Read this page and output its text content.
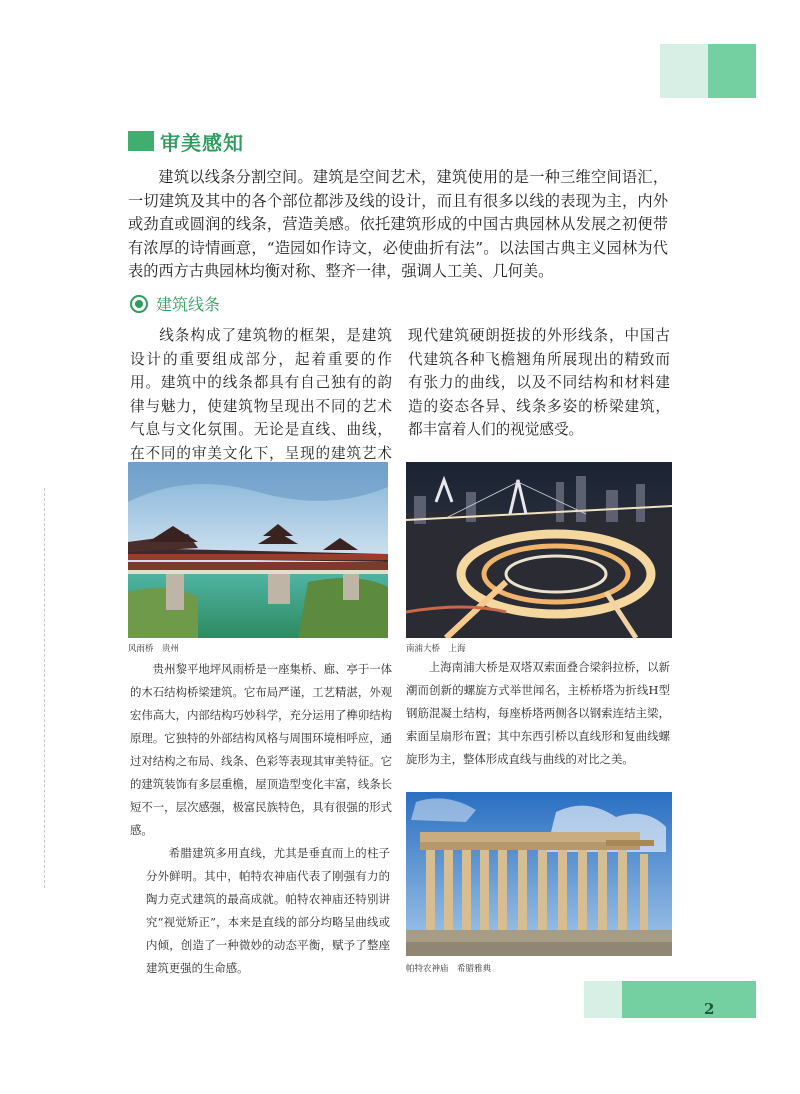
审美感知

建筑以线条分割空间。建筑是空间艺术，建筑使用的是一种三维空间语汇，一切建筑及其中的各个部位都涉及线的设计，而且有很多以线的表现为主，内外或劲直或圆润的线条，营造美感。依托建筑形成的中国古典园林从发展之初便带有浓厚的诗情画意，“造园如作诗文，必使曲折有法”。以法国古典主义园林为代表的西方古典园林均衡对称、整齐一律，强调人工美、几何美。

建筑线条

线条构成了建筑物的框架，是建筑设计的重要组成部分，起着重要的作用。建筑中的线条都具有自己独有的韵律与魅力，使建筑物呈现出不同的艺术气息与文化氛围。无论是直线、曲线，在不同的审美文化下，呈现的建筑艺术

现代建筑硬朗挺拔的外形线条，中国古代建筑各种飞檐翘角所展现出的精致而有张力的曲线，以及不同结构和材料建造的姿态各异、线条多姿的桥梁建筑，都丰富着人们的视觉感受。

风雨桥　贵州

贵州黎平地坪风雨桥是一座集桥、廊、亭于一体的木石结构桥梁建筑。它布局严谨，工艺精湛，外观宏伟高大，内部结构巧妙科学，充分运用了榫卯结构原理。它独特的外部结构风格与周围环境相呼应，通过对结构之布局、线条、色彩等表现其审美特征。它的建筑装饰有多层重檐，屋顶造型变化丰富，线条长短不一，层次感强，极富民族特色，具有很强的形式感。

南浦大桥　上海

上海南浦大桥是双塔双索面叠合梁斜拉桥，以新潮而创新的螺旋方式举世闻名，主桥桥塔为折线H型钢筋混凝土结构，每座桥塔两侧各以钢索连结主梁，索面呈扇形布置；其中东西引桥以直线形和复曲线螺旋形为主，整体形成直线与曲线的对比之美。

希腊建筑多用直线，尤其是垂直而上的柱子分外鲜明。其中，帕特农神庙代表了刚强有力的陶力克式建筑的最高成就。帕特农神庙还特别讲究“视觉矫正”，本来是直线的部分均略呈曲线或内倾，创造了一种微妙的动态平衡，赋予了整座建筑更强的生命感。	帕特农神庙　希腊雅典
2
